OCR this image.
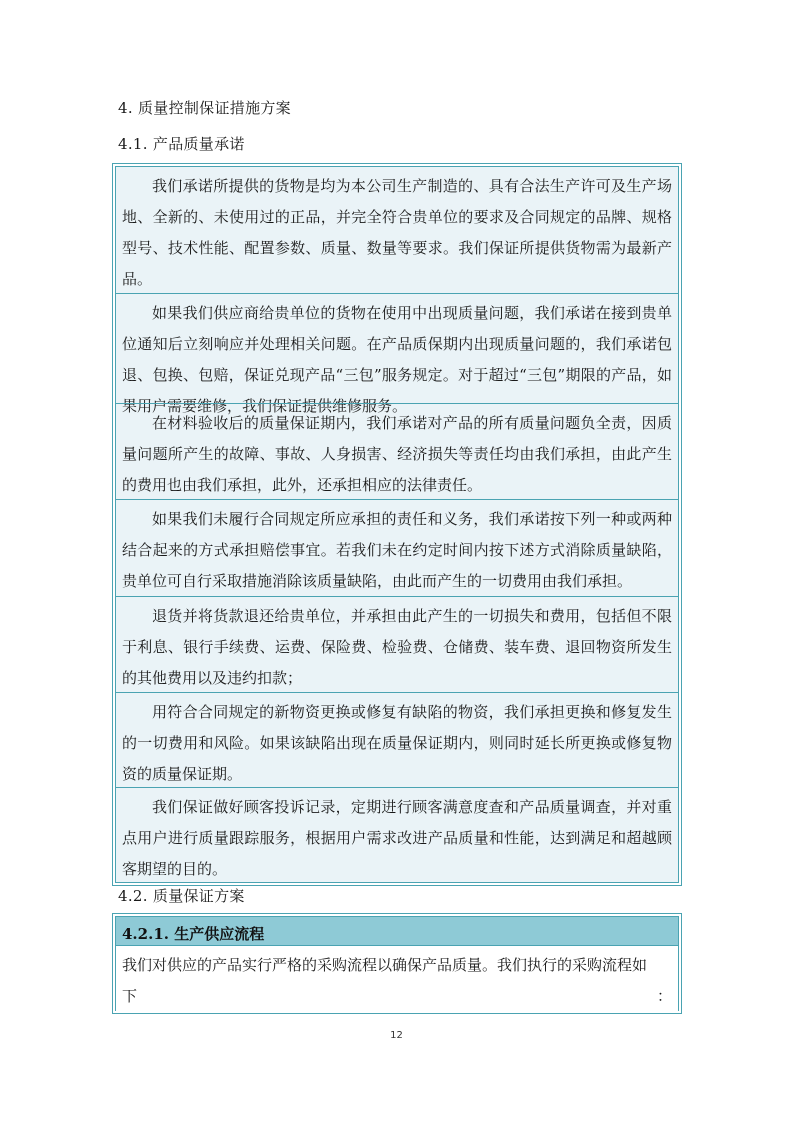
4. 质量控制保证措施方案
4.1. 产品质量承诺
我们承诺所提供的货物是均为本公司生产制造的、具有合法生产许可及生产场地、全新的、未使用过的正品，并完全符合贵单位的要求及合同规定的品牌、规格型号、技术性能、配置参数、质量、数量等要求。我们保证所提供货物需为最新产品。
如果我们供应商给贵单位的货物在使用中出现质量问题，我们承诺在接到贵单位通知后立刻响应并处理相关问题。在产品质保期内出现质量问题的，我们承诺包退、包换、包赔，保证兑现产品“三包”服务规定。对于超过“三包”期限的产品，如果用户需要维修，我们保证提供维修服务。
在材料验收后的质量保证期内，我们承诺对产品的所有质量问题负全责，因质量问题所产生的故障、事故、人身损害、经济损失等责任均由我们承担，由此产生的费用也由我们承担，此外，还承担相应的法律责任。
如果我们未履行合同规定所应承担的责任和义务，我们承诺按下列一种或两种结合起来的方式承担赔偿事宜。若我们未在约定时间内按下述方式消除质量缺陷，贵单位可自行采取措施消除该质量缺陷，由此而产生的一切费用由我们承担。
退货并将货款退还给贵单位，并承担由此产生的一切损失和费用，包括但不限于利息、银行手续费、运费、保险费、检验费、仓储费、装车费、退回物资所发生的其他费用以及违约扣款；
用符合合同规定的新物资更换或修复有缺陷的物资，我们承担更换和修复发生的一切费用和风险。如果该缺陷出现在质量保证期内，则同时延长所更换或修复物资的质量保证期。
我们保证做好顾客投诉记录，定期进行顾客满意度查和产品质量调查，并对重点用户进行质量跟踪服务，根据用户需求改进产品质量和性能，达到满足和超越顾客期望的目的。
4.2. 质量保证方案
4.2.1. 生产供应流程
我们对供应的产品实行严格的采购流程以确保产品质量。我们执行的采购流程如
下	：
12
